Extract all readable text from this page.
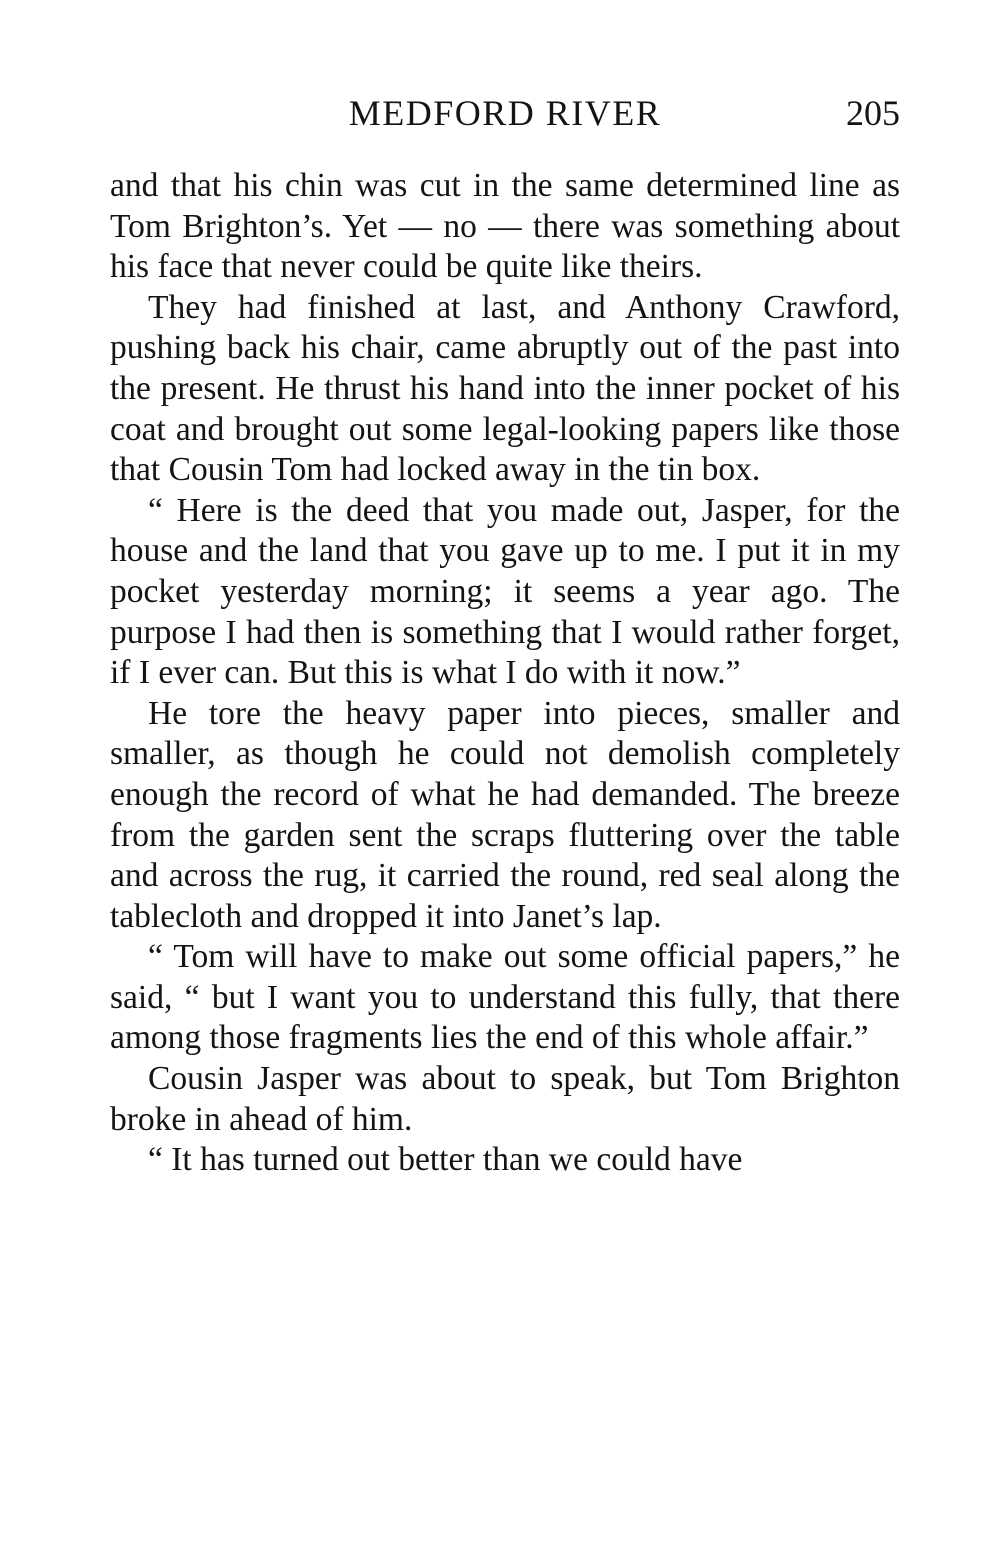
MEDFORD RIVER	205

and that his chin was cut in the same determined line as Tom Brighton’s. Yet — no — there was something about his face that never could be quite like theirs.

They had finished at last, and Anthony Crawford, pushing back his chair, came abruptly out of the past into the present. He thrust his hand into the inner pocket of his coat and brought out some legal-looking papers like those that Cousin Tom had locked away in the tin box.

“ Here is the deed that you made out, Jasper, for the house and the land that you gave up to me. I put it in my pocket yesterday morning; it seems a year ago. The purpose I had then is something that I would rather forget, if I ever can. But this is what I do with it now.”

He tore the heavy paper into pieces, smaller and smaller, as though he could not demolish completely enough the record of what he had demanded. The breeze from the garden sent the scraps fluttering over the table and across the rug, it carried the round, red seal along the tablecloth and dropped it into Janet’s lap.

“ Tom will have to make out some official papers,” he said, “ but I want you to understand this fully, that there among those fragments lies the end of this whole affair.”

Cousin Jasper was about to speak, but Tom Brighton broke in ahead of him.

“ It has turned out better than we could have
